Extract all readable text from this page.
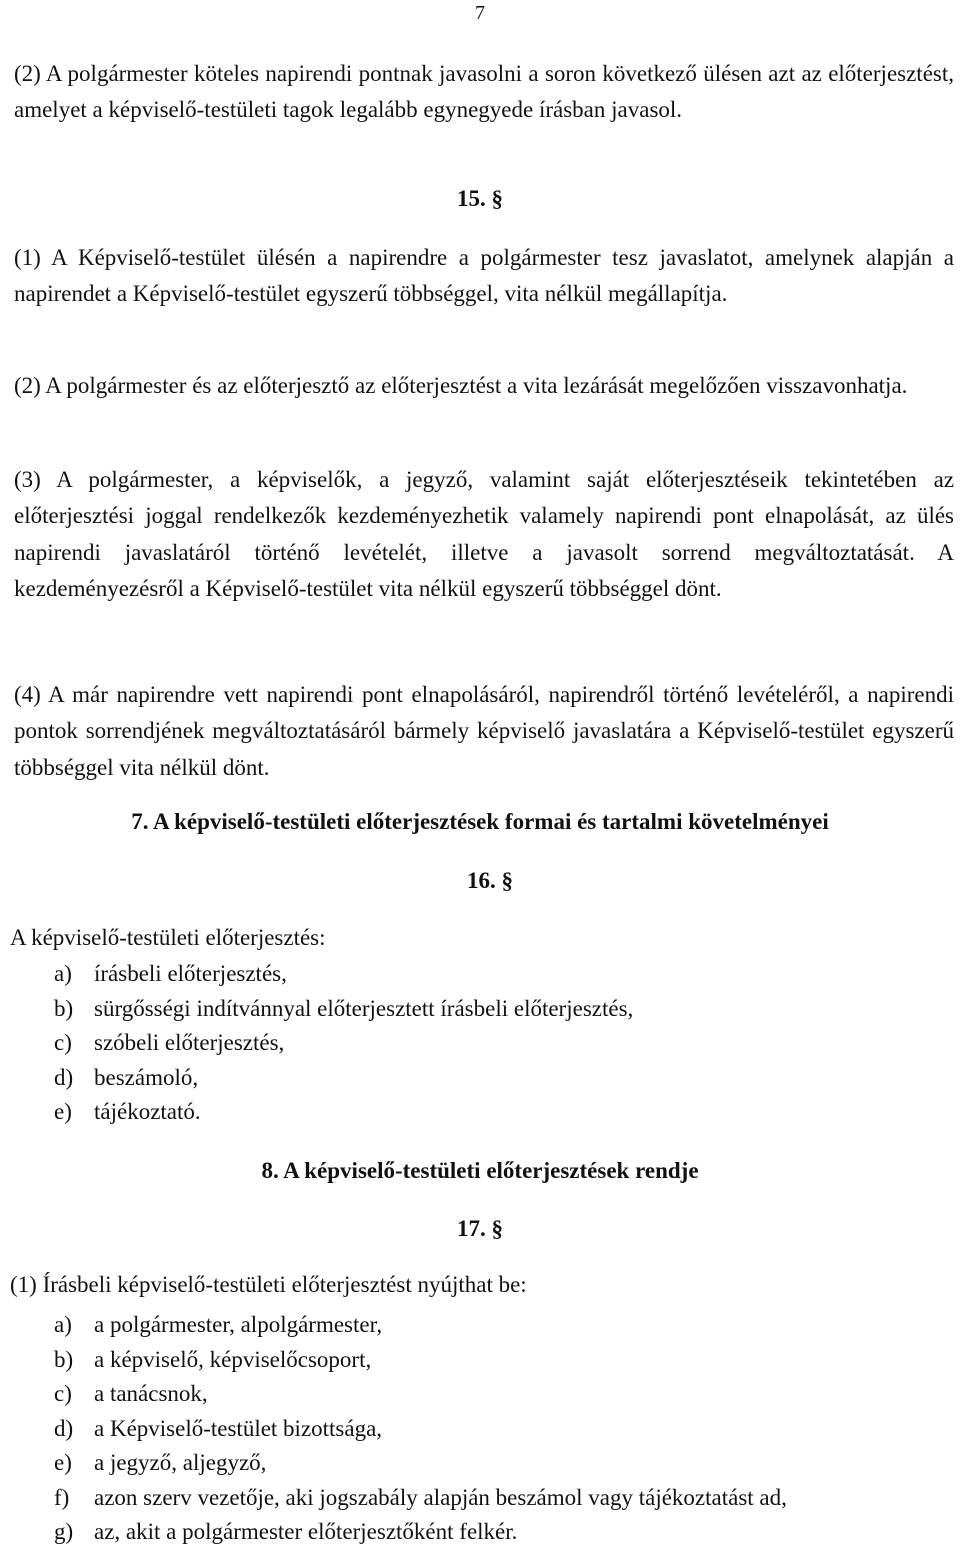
7
(2) A polgármester köteles napirendi pontnak javasolni a soron következő ülésen azt az előterjesztést, amelyet a képviselő-testületi tagok legalább egynegyede írásban javasol.
15. §
(1) A Képviselő-testület ülésén a napirendre a polgármester tesz javaslatot, amelynek alapján a napirendet a Képviselő-testület egyszerű többséggel, vita nélkül megállapítja.
(2) A polgármester és az előterjesztő az előterjesztést a vita lezárását megelőzően visszavonhatja.
(3) A polgármester, a képviselők, a jegyző, valamint saját előterjesztéseik tekintetében az előterjesztési joggal rendelkezők kezdeményezhetik valamely napirendi pont elnapolását, az ülés napirendi javaslatáról történő levételét, illetve a javasolt sorrend megváltoztatását. A kezdeményezésről a Képviselő-testület vita nélkül egyszerű többséggel dönt.
(4) A már napirendre vett napirendi pont elnapolásáról, napirendről történő levételéről, a napirendi pontok sorrendjének megváltoztatásáról bármely képviselő javaslatára a Képviselő-testület egyszerű többséggel vita nélkül dönt.
7. A képviselő-testületi előterjesztések formai és tartalmi követelményei
16. §
A képviselő-testületi előterjesztés:
a) írásbeli előterjesztés,
b) sürgősségi indítvánnyal előterjesztett írásbeli előterjesztés,
c) szóbeli előterjesztés,
d) beszámoló,
e) tájékoztató.
8. A képviselő-testületi előterjesztések rendje
17. §
(1) Írásbeli képviselő-testületi előterjesztést nyújthat be:
a) a polgármester, alpolgármester,
b) a képviselő, képviselőcsoport,
c) a tanácsnok,
d) a Képviselő-testület bizottsága,
e) a jegyző, aljegyző,
f) azon szerv vezetője, aki jogszabály alapján beszámol vagy tájékoztatást ad,
g) az, akit a polgármester előterjesztőként felkér.
